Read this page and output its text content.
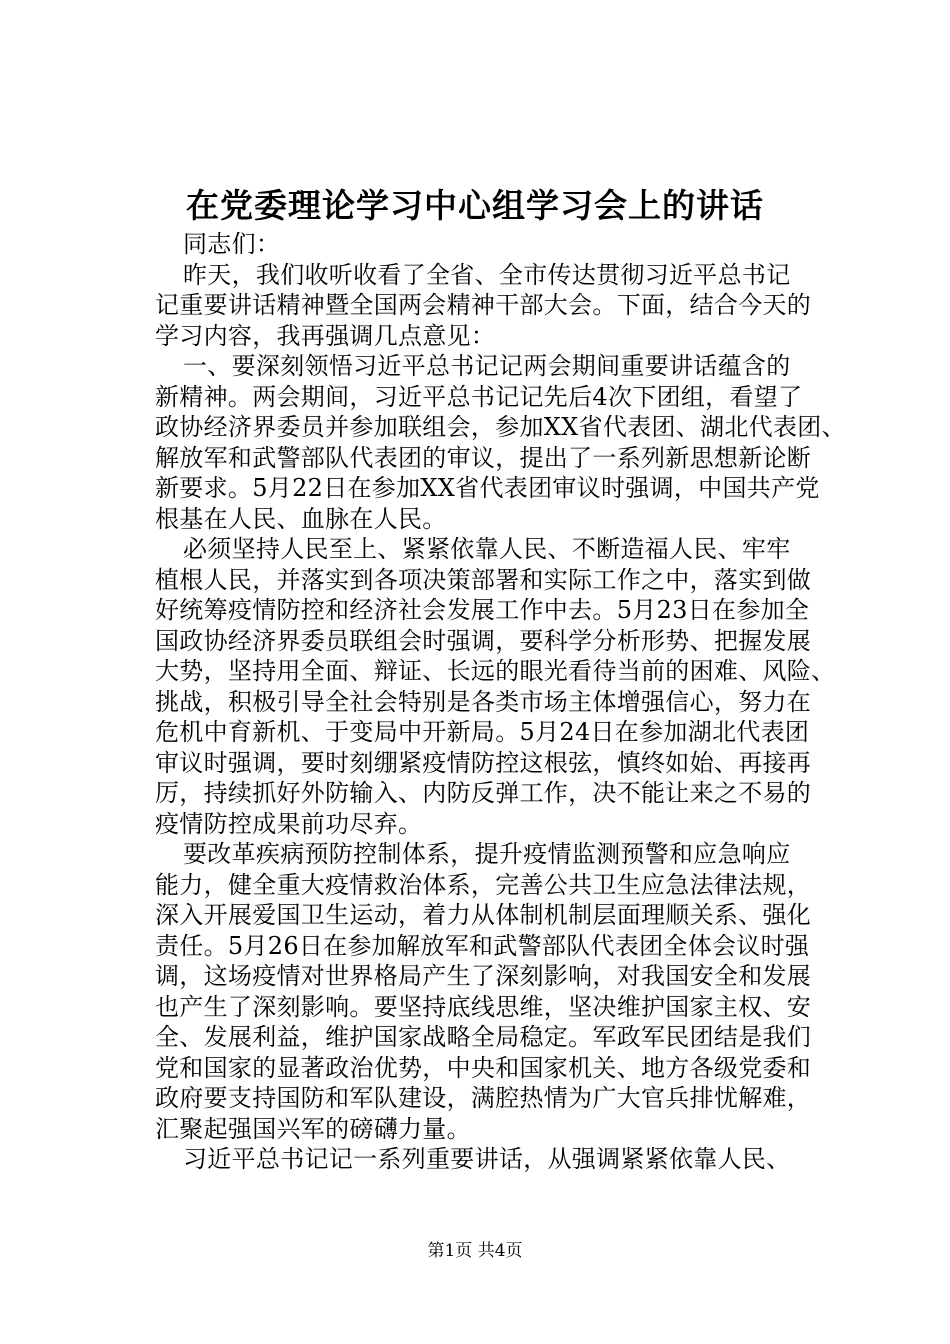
在党委理论学习中心组学习会上的讲话
同志们：
昨天，我们收听收看了全省、全市传达贯彻习近平总书记
记重要讲话精神暨全国两会精神干部大会。下面，结合今天的
学习内容，我再强调几点意见：
一、要深刻领悟习近平总书记记两会期间重要讲话蕴含的
新精神。两会期间，习近平总书记记先后4次下团组，看望了
政协经济界委员并参加联组会，参加XX省代表团、湖北代表团、
解放军和武警部队代表团的审议，提出了一系列新思想新论断
新要求。5月22日在参加XX省代表团审议时强调，中国共产党
根基在人民、血脉在人民。
必须坚持人民至上、紧紧依靠人民、不断造福人民、牢牢
植根人民，并落实到各项决策部署和实际工作之中，落实到做
好统筹疫情防控和经济社会发展工作中去。5月23日在参加全
国政协经济界委员联组会时强调，要科学分析形势、把握发展
大势，坚持用全面、辩证、长远的眼光看待当前的困难、风险、
挑战，积极引导全社会特别是各类市场主体增强信心，努力在
危机中育新机、于变局中开新局。5月24日在参加湖北代表团
审议时强调，要时刻绷紧疫情防控这根弦，慎终如始、再接再
厉，持续抓好外防输入、内防反弹工作，决不能让来之不易的
疫情防控成果前功尽弃。
要改革疾病预防控制体系，提升疫情监测预警和应急响应
能力，健全重大疫情救治体系，完善公共卫生应急法律法规，
深入开展爱国卫生运动，着力从体制机制层面理顺关系、强化
责任。5月26日在参加解放军和武警部队代表团全体会议时强
调，这场疫情对世界格局产生了深刻影响，对我国安全和发展
也产生了深刻影响。要坚持底线思维，坚决维护国家主权、安
全、发展利益，维护国家战略全局稳定。军政军民团结是我们
党和国家的显著政治优势，中央和国家机关、地方各级党委和
政府要支持国防和军队建设，满腔热情为广大官兵排忧解难，
汇聚起强国兴军的磅礴力量。
习近平总书记记一系列重要讲话，从强调紧紧依靠人民、
第1页 共4页
